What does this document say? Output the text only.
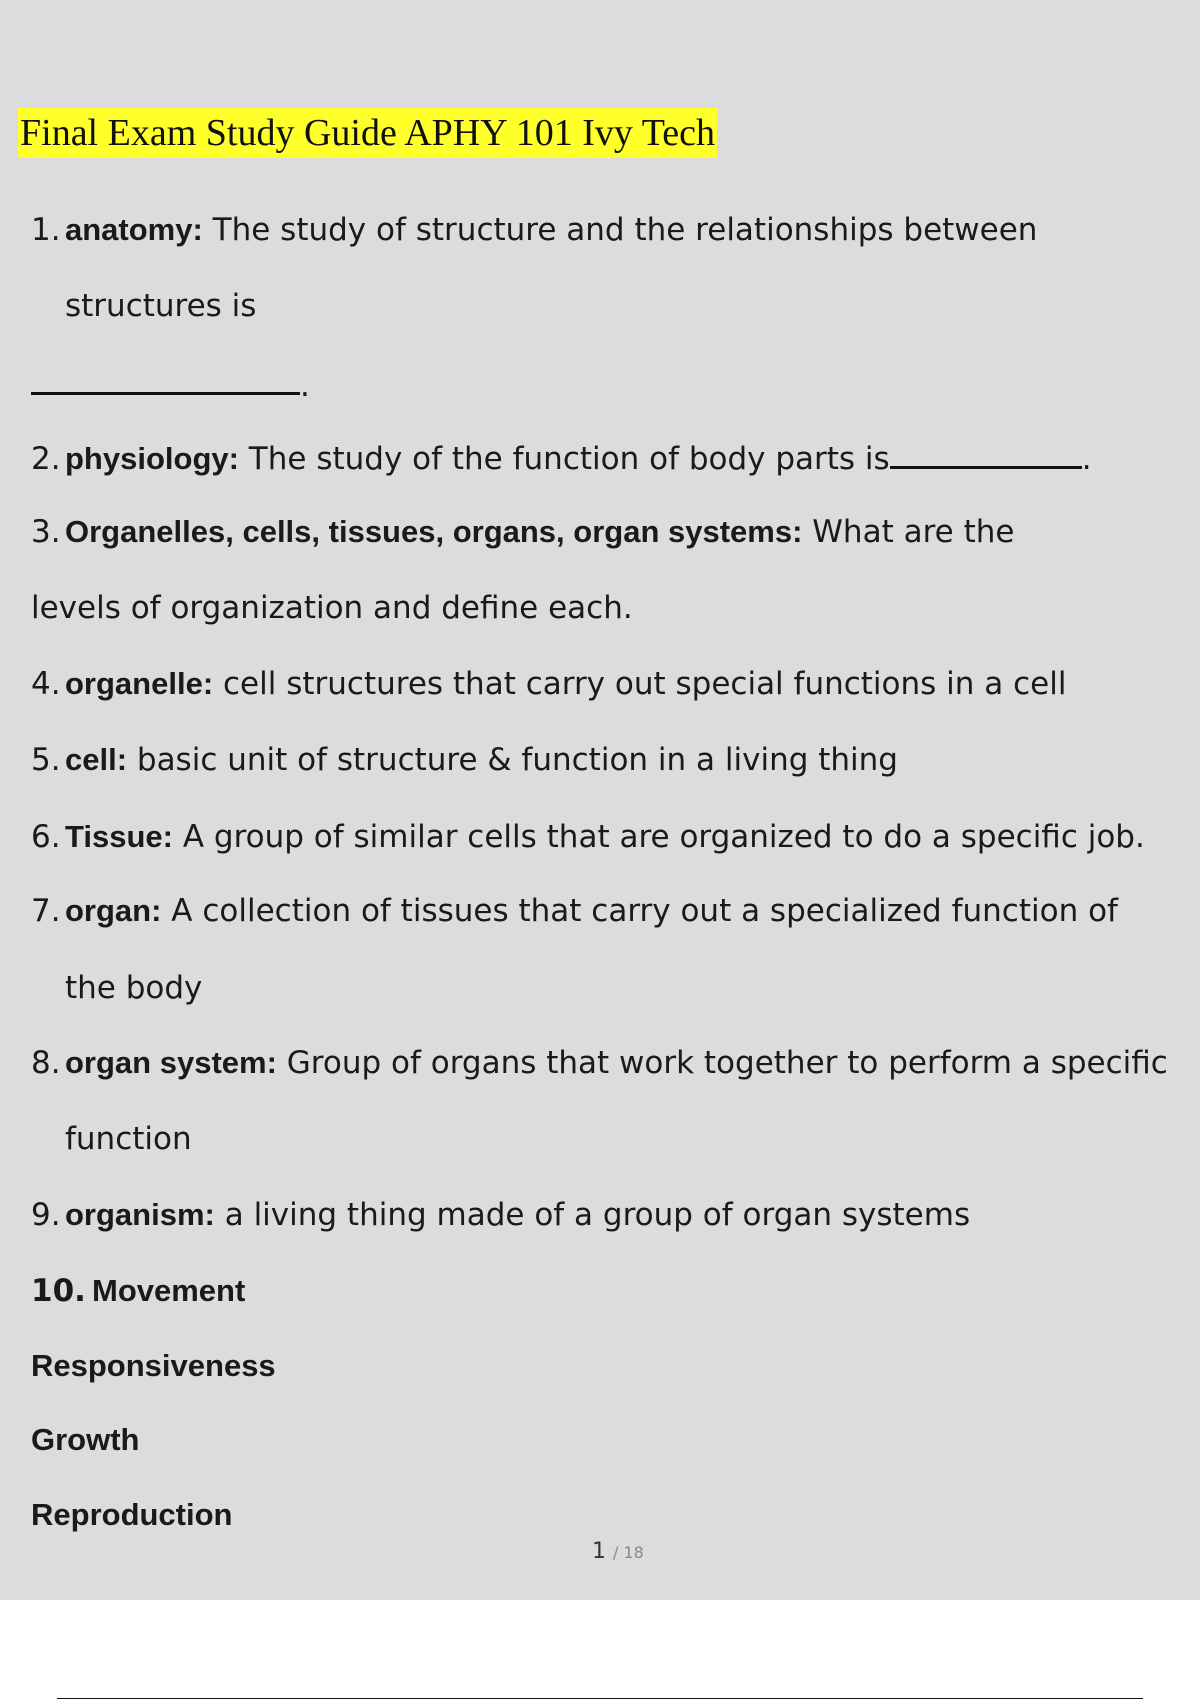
Final Exam Study Guide APHY 101 Ivy Tech
1. anatomy: The study of structure and the relationships between
structures is
.
2. physiology: The study of the function of body parts is	.
3. Organelles, cells, tissues, organs, organ systems: What are the
levels of organization and define each.
4. organelle: cell structures that carry out special functions in a cell
5. cell: basic unit of structure & function in a living thing
6. Tissue: A group of similar cells that are organized to do a specific job.
7. organ: A collection of tissues that carry out a specialized function of
the body
8. organ system: Group of organs that work together to perform a specific
function
9. organism: a living thing made of a group of organ systems
10. Movement
Responsiveness
Growth
Reproduction
1 / 18
